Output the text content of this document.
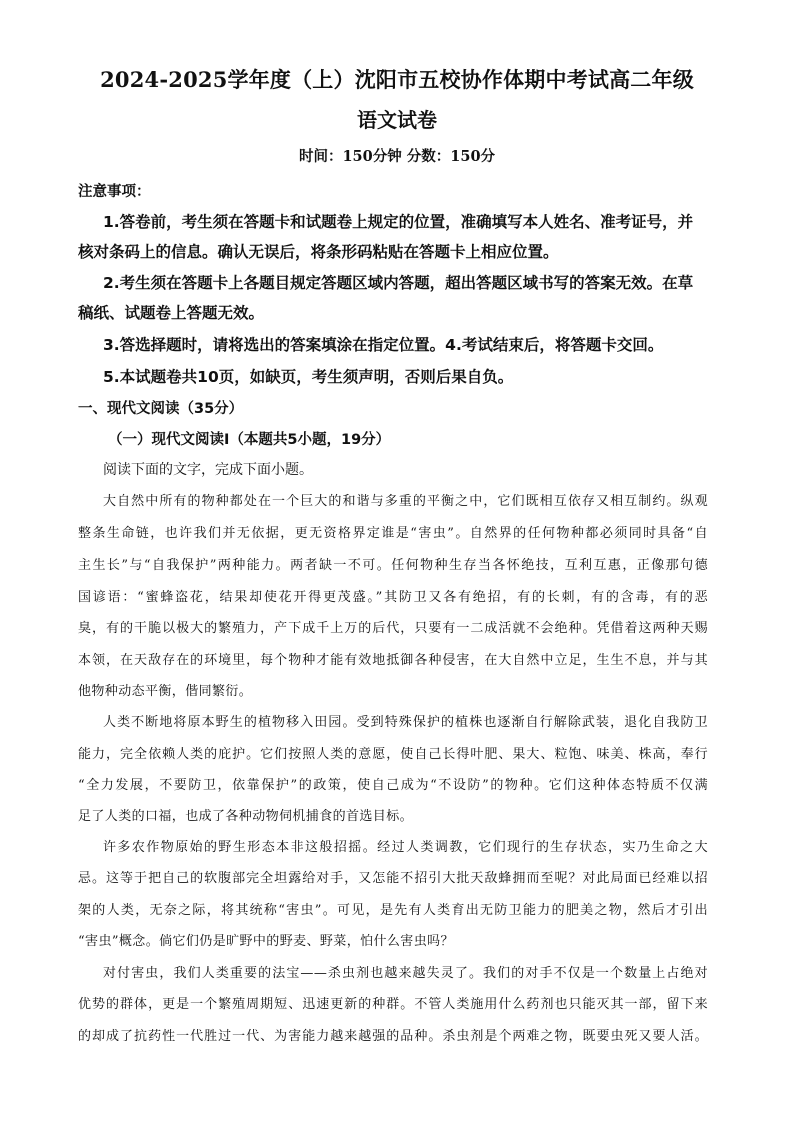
2024-2025学年度（上）沈阳市五校协作体期中考试高二年级
语文试卷
时间：150分钟 分数：150分
注意事项：
1.答卷前，考生须在答题卡和试题卷上规定的位置，准确填写本人姓名、准考证号，并
核对条码上的信息。确认无误后，将条形码粘贴在答题卡上相应位置。
2.考生须在答题卡上各题目规定答题区域内答题，超出答题区域书写的答案无效。在草
稿纸、试题卷上答题无效。
3.答选择题时，请将选出的答案填涂在指定位置。4.考试结束后，将答题卡交回。
5.本试题卷共10页，如缺页，考生须声明，否则后果自负。
一、现代文阅读（35分）
（一）现代文阅读Ⅰ（本题共5小题，19分）
阅读下面的文字，完成下面小题。
大自然中所有的物种都处在一个巨大的和谐与多重的平衡之中，它们既相互依存又相互制约。纵观
整条生命链，也许我们并无依据，更无资格界定谁是“害虫”。自然界的任何物种都必须同时具备“自
主生长”与“自我保护”两种能力。两者缺一不可。任何物种生存当各怀绝技，互利互惠，正像那句德
国谚语：“蜜蜂盗花，结果却使花开得更茂盛。”其防卫又各有绝招，有的长刺，有的含毒，有的恶
臭，有的干脆以极大的繁殖力，产下成千上万的后代，只要有一二成活就不会绝种。凭借着这两种天赐
本领，在天敌存在的环境里，每个物种才能有效地抵御各种侵害，在大自然中立足，生生不息，并与其
他物种动态平衡，偕同繁衍。
人类不断地将原本野生的植物移入田园。受到特殊保护的植株也逐渐自行解除武装，退化自我防卫
能力，完全依赖人类的庇护。它们按照人类的意愿，使自己长得叶肥、果大、粒饱、味美、株高，奉行
“全力发展，不要防卫，依靠保护”的政策，使自己成为“不设防”的物种。它们这种体态特质不仅满
足了人类的口福，也成了各种动物伺机捕食的首选目标。
许多农作物原始的野生形态本非这般招摇。经过人类调教，它们现行的生存状态，实乃生命之大
忌。这等于把自己的软腹部完全坦露给对手，又怎能不招引大批天敌蜂拥而至呢？对此局面已经难以招
架的人类，无奈之际，将其统称“害虫”。可见，是先有人类育出无防卫能力的肥美之物，然后才引出
“害虫”概念。倘它们仍是旷野中的野麦、野菜，怕什么害虫吗？
对付害虫，我们人类重要的法宝——杀虫剂也越来越失灵了。我们的对手不仅是一个数量上占绝对
优势的群体，更是一个繁殖周期短、迅速更新的种群。不管人类施用什么药剂也只能灭其一部，留下来
的却成了抗药性一代胜过一代、为害能力越来越强的品种。杀虫剂是个两难之物，既要虫死又要人活。
